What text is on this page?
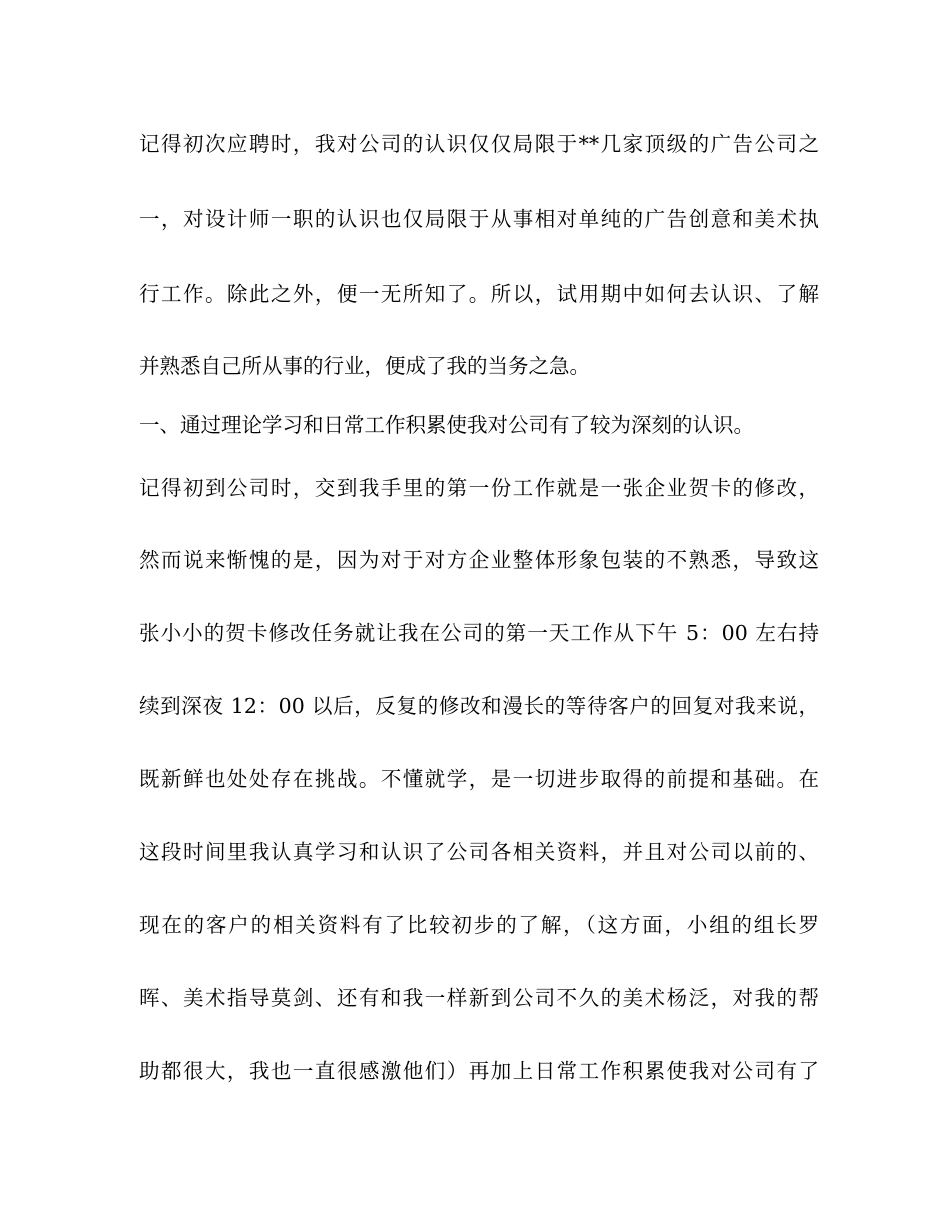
记得初次应聘时，我对公司的认识仅仅局限于**几家顶级的广告公司之
一，对设计师一职的认识也仅局限于从事相对单纯的广告创意和美术执
行工作。除此之外，便一无所知了。所以，试用期中如何去认识、了解
并熟悉自己所从事的行业，便成了我的当务之急。
一、通过理论学习和日常工作积累使我对公司有了较为深刻的认识。
记得初到公司时，交到我手里的第一份工作就是一张企业贺卡的修改，
然而说来惭愧的是，因为对于对方企业整体形象包装的不熟悉，导致这
张小小的贺卡修改任务就让我在公司的第一天工作从下午 5：00 左右持
续到深夜 12：00 以后，反复的修改和漫长的等待客户的回复对我来说，
既新鲜也处处存在挑战。不懂就学，是一切进步取得的前提和基础。在
这段时间里我认真学习和认识了公司各相关资料，并且对公司以前的、
现在的客户的相关资料有了比较初步的了解，（这方面，小组的组长罗
晖、美术指导莫剑、还有和我一样新到公司不久的美术杨泛，对我的帮
助都很大，我也一直很感激他们）再加上日常工作积累使我对公司有了
